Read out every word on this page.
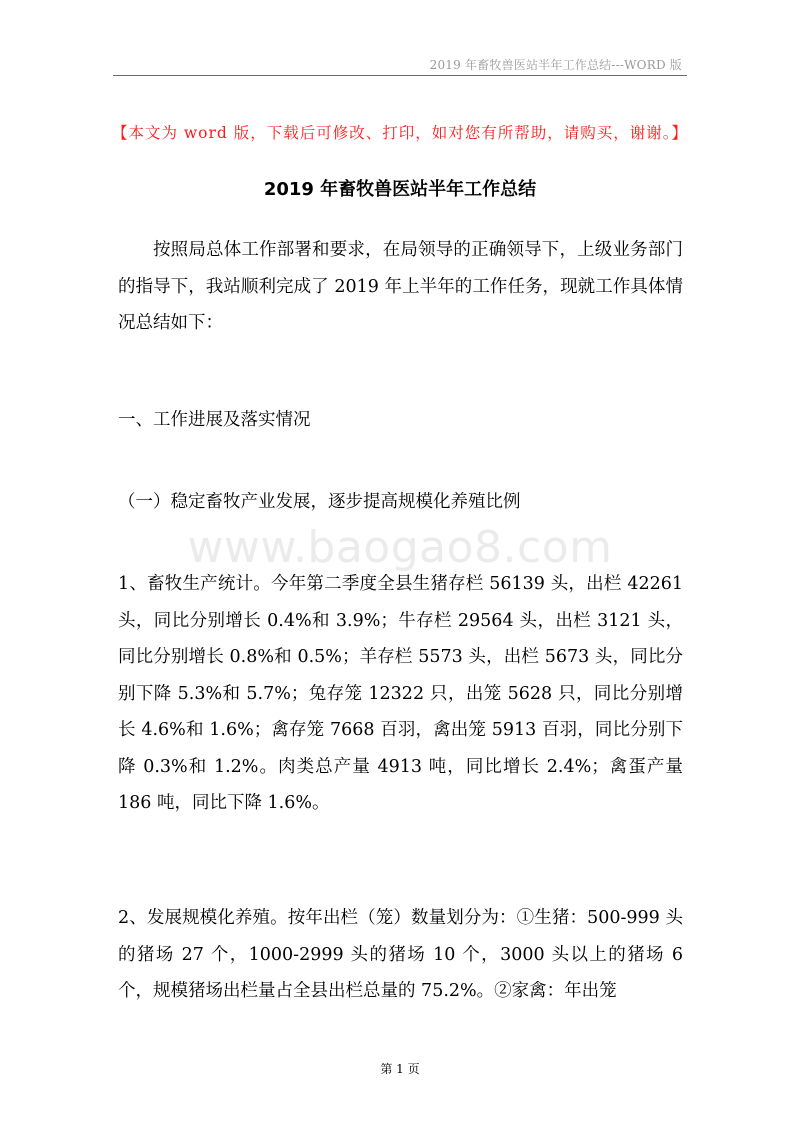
2019 年畜牧兽医站半年工作总结---WORD 版
【本文为 word 版，下载后可修改、打印，如对您有所帮助，请购买，谢谢。】
2019 年畜牧兽医站半年工作总结
按照局总体工作部署和要求，在局领导的正确领导下，上级业务部门的指导下，我站顺利完成了 2019 年上半年的工作任务，现就工作具体情况总结如下：
一、工作进展及落实情况
（一）稳定畜牧产业发展，逐步提高规模化养殖比例
www.baogao8.com
1、畜牧生产统计。今年第二季度全县生猪存栏 56139 头，出栏 42261 头，同比分别增长 0.4%和 3.9%；牛存栏 29564 头，出栏 3121 头，同比分别增长 0.8%和 0.5%；羊存栏 5573 头，出栏 5673 头，同比分别下降 5.3%和 5.7%；兔存笼 12322 只，出笼 5628 只，同比分别增长 4.6%和 1.6%；禽存笼 7668 百羽，禽出笼 5913 百羽，同比分别下降 0.3%和 1.2%。肉类总产量 4913 吨，同比增长 2.4%；禽蛋产量 186 吨，同比下降 1.6%。
2、发展规模化养殖。按年出栏（笼）数量划分为：①生猪：500-999 头的猪场 27 个，1000-2999 头的猪场 10 个，3000 头以上的猪场 6 个，规模猪场出栏量占全县出栏总量的 75.2%。②家禽：年出笼
第 1 页
